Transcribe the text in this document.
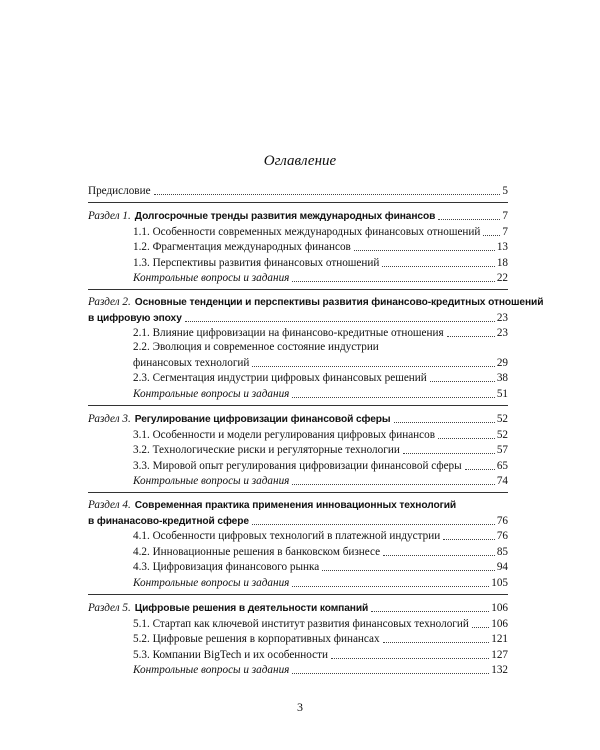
Оглавление
Предисловие	5
Раздел 1. Долгосрочные тренды развития международных финансов	7
1.1. Особенности современных международных финансовых отношений 7
1.2. Фрагментация международных финансов	13
1.3. Перспективы развития финансовых отношений	18
Контрольные вопросы и задания	22
Раздел 2. Основные тенденции и перспективы развития финансово-кредитных отношений
в цифровую эпоху	23
2.1. Влияние цифровизации на финансово-кредитные отношения	23
2.2. Эволюция и современное состояние индустрии
финансовых технологий	29
2.3. Сегментация индустрии цифровых финансовых решений	38
Контрольные вопросы и задания	51
Раздел 3. Регулирование цифровизации финансовой сферы	52
3.1. Особенности и модели регулирования цифровых финансов	52
3.2. Технологические риски и регуляторные технологии	57
3.3. Мировой опыт регулирования цифровизации финансовой сферы	65
Контрольные вопросы и задания	74
Раздел 4. Современная практика применения инновационных технологий
в финанасово-кредитной сфере	76
4.1. Особенности цифровых технологий в платежной индустрии	76
4.2. Инновационные решения в банковском бизнесе	85
4.3. Цифровизация финансового рынка	94
Контрольные вопросы и задания	105
Раздел 5. Цифровые решения в деятельности компаний	106
5.1. Стартап как ключевой институт развития финансовых технологий 106
5.2. Цифровые решения в корпоративных финансах	121
5.3. Компании BigTech и их особенности	127
Контрольные вопросы и задания	132
3
